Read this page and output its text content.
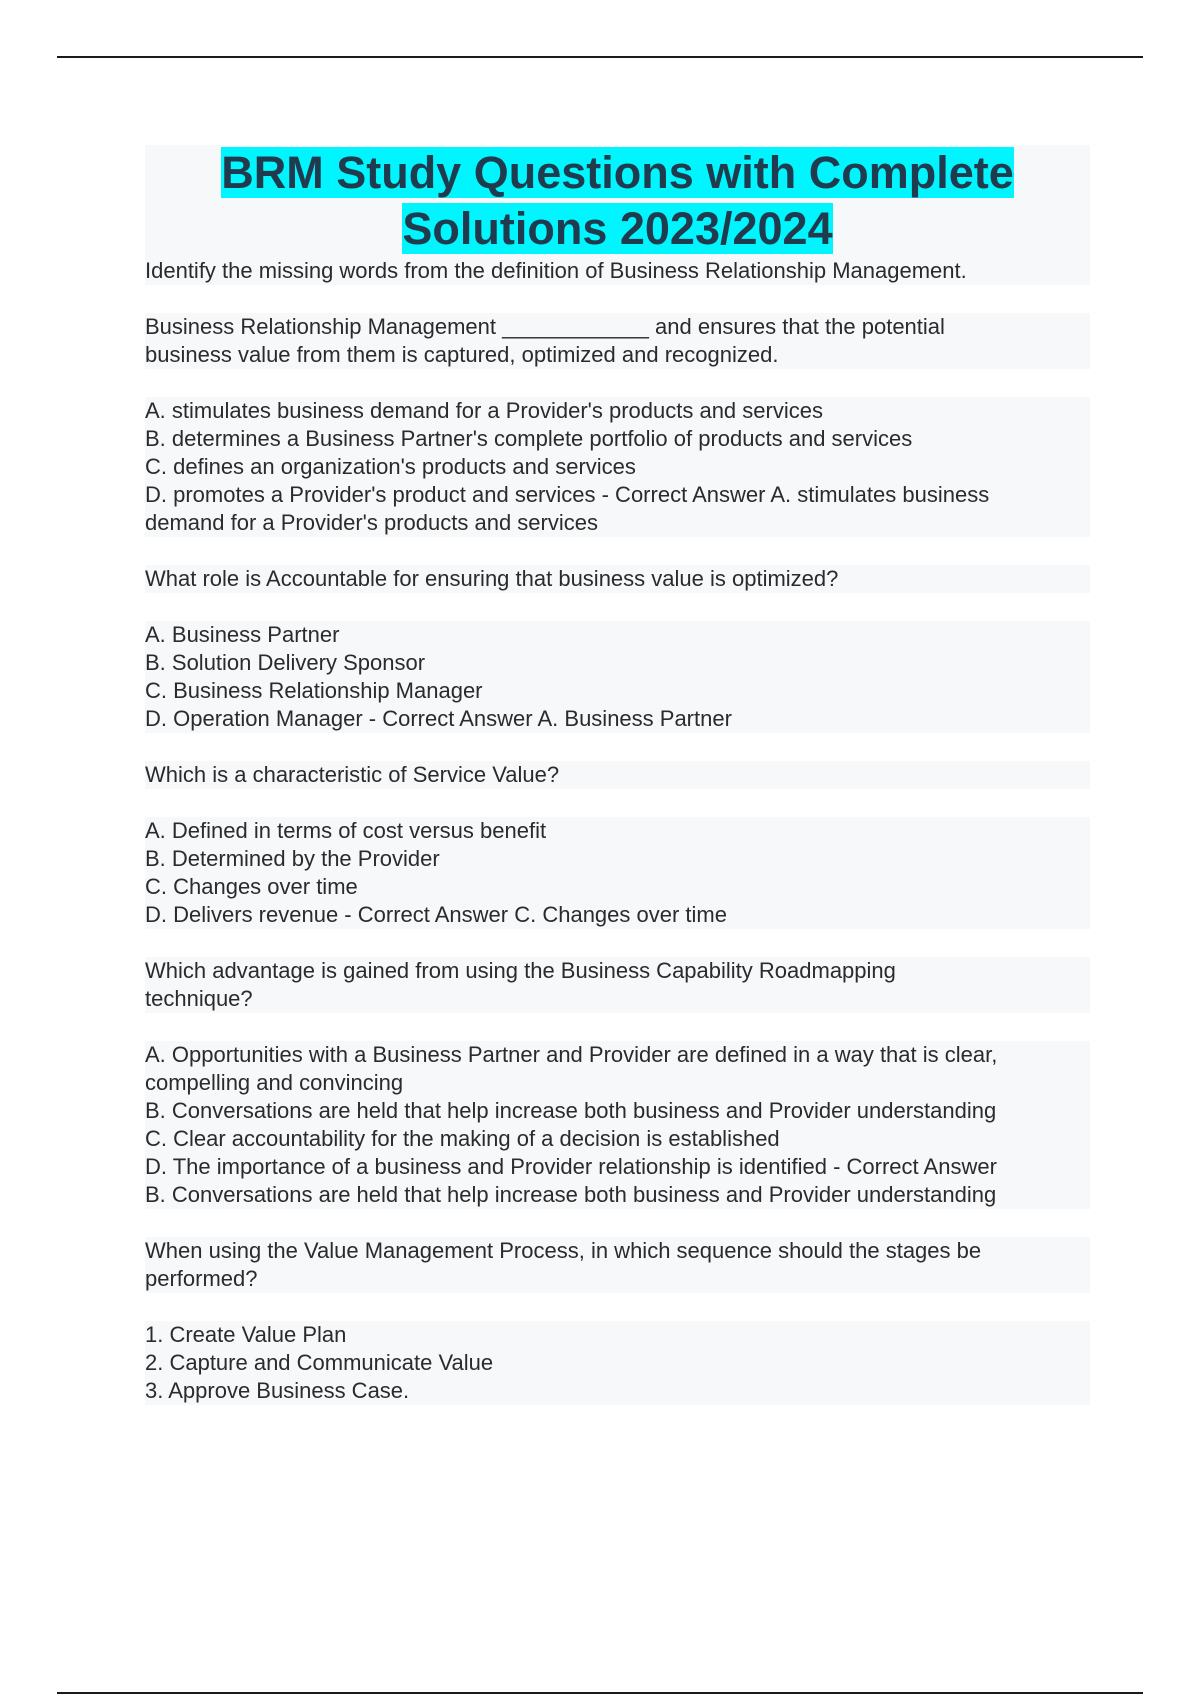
BRM Study Questions with Complete
Solutions 2023/2024
Identify the missing words from the definition of Business Relationship Management.
Business Relationship Management ____________ and ensures that the potential
business value from them is captured, optimized and recognized.
A. stimulates business demand for a Provider's products and services
B. determines a Business Partner's complete portfolio of products and services
C. defines an organization's products and services
D. promotes a Provider's product and services - Correct Answer A. stimulates business
demand for a Provider's products and services
What role is Accountable for ensuring that business value is optimized?
A. Business Partner
B. Solution Delivery Sponsor
C. Business Relationship Manager
D. Operation Manager - Correct Answer A. Business Partner
Which is a characteristic of Service Value?
A. Defined in terms of cost versus benefit
B. Determined by the Provider
C. Changes over time
D. Delivers revenue - Correct Answer C. Changes over time
Which advantage is gained from using the Business Capability Roadmapping
technique?
A. Opportunities with a Business Partner and Provider are defined in a way that is clear,
compelling and convincing
B. Conversations are held that help increase both business and Provider understanding
C. Clear accountability for the making of a decision is established
D. The importance of a business and Provider relationship is identified - Correct Answer
B. Conversations are held that help increase both business and Provider understanding
When using the Value Management Process, in which sequence should the stages be
performed?
1. Create Value Plan
2. Capture and Communicate Value
3. Approve Business Case.
